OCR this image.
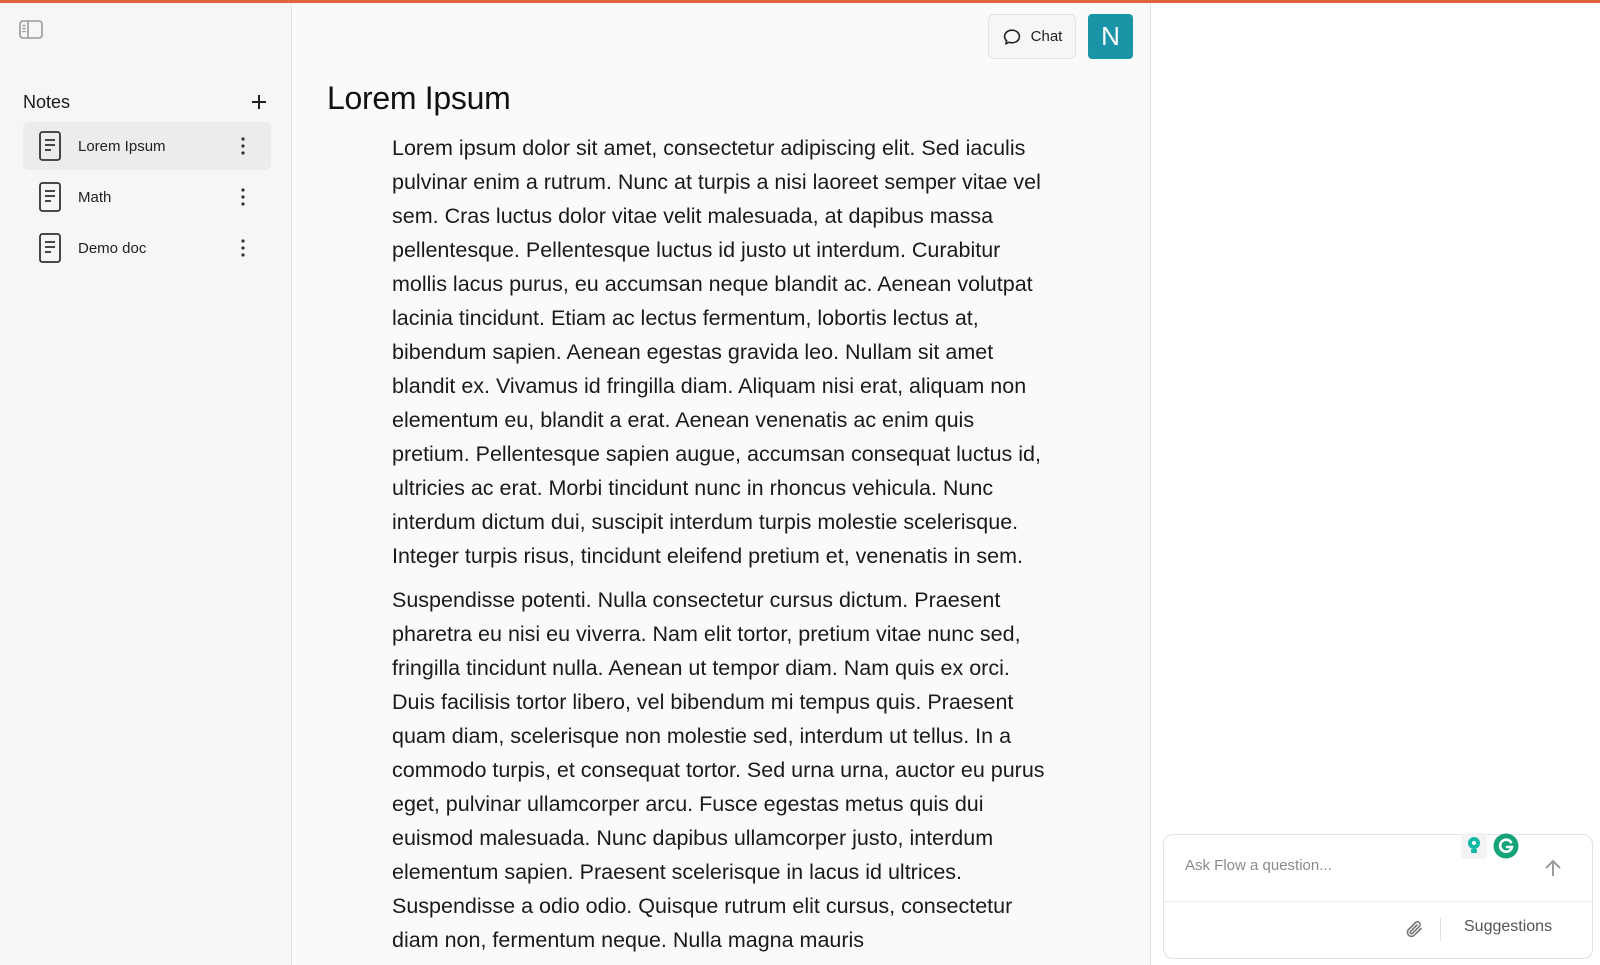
Notes
Lorem Ipsum
Math
Demo doc
Chat	N
Lorem Ipsum

Lorem ipsum dolor sit amet, consectetur adipiscing elit. Sed iaculis pulvinar enim a rutrum. Nunc at turpis a nisi laoreet semper vitae vel sem. Cras luctus dolor vitae velit malesuada, at dapibus massa pellentesque. Pellentesque luctus id justo ut interdum. Curabitur mollis lacus purus, eu accumsan neque blandit ac. Aenean volutpat lacinia tincidunt. Etiam ac lectus fermentum, lobortis lectus at, bibendum sapien. Aenean egestas gravida leo. Nullam sit amet blandit ex. Vivamus id fringilla diam. Aliquam nisi erat, aliquam non elementum eu, blandit a erat. Aenean venenatis ac enim quis pretium. Pellentesque sapien augue, accumsan consequat luctus id, ultricies ac erat. Morbi tincidunt nunc in rhoncus vehicula. Nunc interdum dictum dui, suscipit interdum turpis molestie scelerisque. Integer turpis risus, tincidunt eleifend pretium et, venenatis in sem.

Suspendisse potenti. Nulla consectetur cursus dictum. Praesent pharetra eu nisi eu viverra. Nam elit tortor, pretium vitae nunc sed, fringilla tincidunt nulla. Aenean ut tempor diam. Nam quis ex orci. Duis facilisis tortor libero, vel bibendum mi tempus quis. Praesent quam diam, scelerisque non molestie sed, interdum ut tellus. In a commodo turpis, et consequat tortor. Sed urna urna, auctor eu purus eget, pulvinar ullamcorper arcu. Fusce egestas metus quis dui euismod malesuada. Nunc dapibus ullamcorper justo, interdum elementum sapien. Praesent scelerisque in lacus id ultrices. Suspendisse a odio odio. Quisque rutrum elit cursus, consectetur diam non, fermentum neque. Nulla magna mauris

Ask Flow a question...
Suggestions
